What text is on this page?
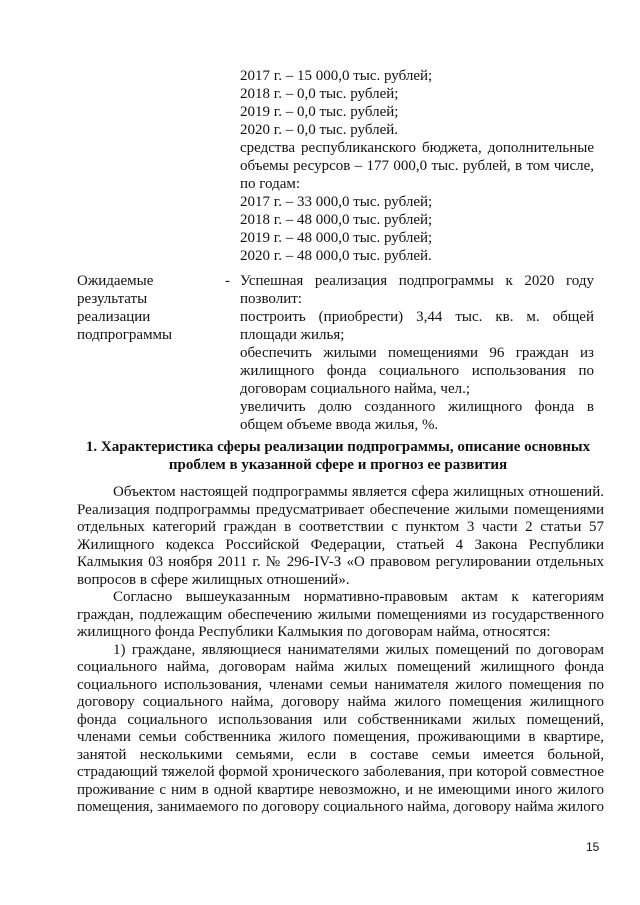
2017 г. – 15 000,0 тыс. рублей;
2018 г. – 0,0 тыс. рублей;
2019 г. – 0,0 тыс. рублей;
2020 г. – 0,0 тыс. рублей.
средства республиканского бюджета, дополнительные
объемы ресурсов – 177 000,0 тыс. рублей, в том числе,
по годам:
2017 г. – 33 000,0 тыс. рублей;
2018 г. – 48 000,0 тыс. рублей;
2019 г. – 48 000,0 тыс. рублей;
2020 г. – 48 000,0 тыс. рублей.
Ожидаемые
результаты
реализации
подпрограммы
- Успешная реализация подпрограммы к 2020 году
позволит:
построить (приобрести) 3,44 тыс. кв. м. общей
площади жилья;
обеспечить жилыми помещениями 96 граждан из
жилищного фонда социального использования по
договорам социального найма, чел.;
увеличить долю созданного жилищного фонда в
общем объеме ввода жилья, %.
1. Характеристика сферы реализации подпрограммы, описание основных
проблем в указанной сфере и прогноз ее развития
Объектом настоящей подпрограммы является сфера жилищных отношений.
Реализация подпрограммы предусматривает обеспечение жилыми помещениями
отдельных категорий граждан в соответствии с пунктом 3 части 2 статьи 57
Жилищного кодекса Российской Федерации, статьей 4 Закона Республики
Калмыкия 03 ноября 2011 г. № 296-IV-З «О правовом регулировании отдельных
вопросов в сфере жилищных отношений».
Согласно вышеуказанным нормативно-правовым актам к категориям
граждан, подлежащим обеспечению жилыми помещениями из государственного
жилищного фонда Республики Калмыкия по договорам найма, относятся:
1) граждане, являющиеся нанимателями жилых помещений по договорам
социального найма, договорам найма жилых помещений жилищного фонда
социального использования, членами семьи нанимателя жилого помещения по
договору социального найма, договору найма жилого помещения жилищного
фонда социального использования или собственниками жилых помещений,
членами семьи собственника жилого помещения, проживающими в квартире,
занятой несколькими семьями, если в составе семьи имеется больной,
страдающий тяжелой формой хронического заболевания, при которой совместное
проживание с ним в одной квартире невозможно, и не имеющими иного жилого
помещения, занимаемого по договору социального найма, договору найма жилого
15
